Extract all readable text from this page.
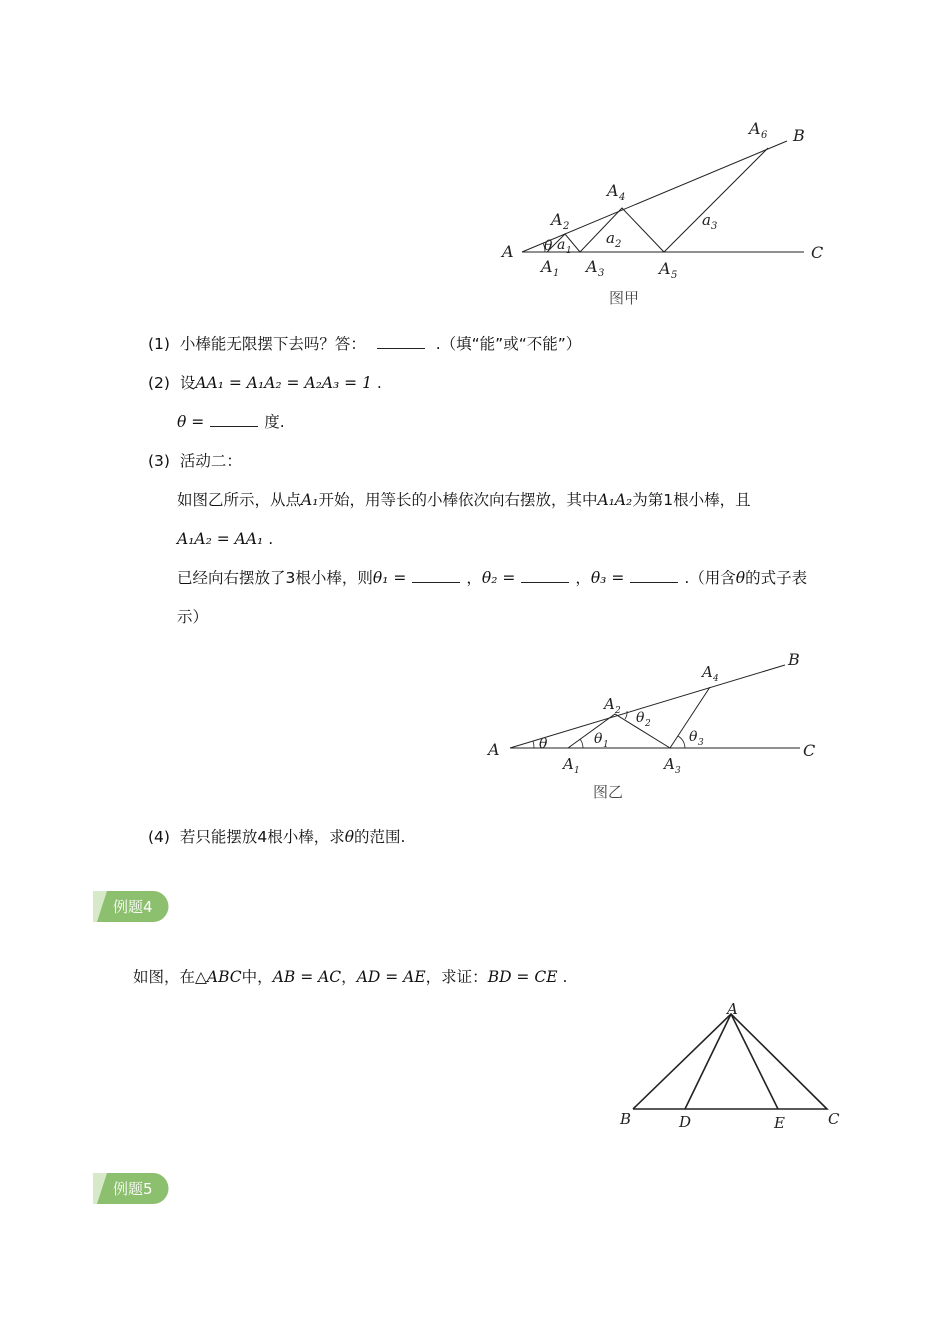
A
B
C
A 1
A 2
A 3
A 4
A 5
A 6
θ a 1
a 2
a 3
图甲
(1) 小棒能无限摆下去吗？答：	.（填“能”或“不能”）
(2) 设AA₁ = A₁A₂ = A₂A₃ = 1 .
θ =	度.
(3) 活动二：
如图乙所示，从点A₁开始，用等长的小棒依次向右摆放，其中A₁A₂为第1根小棒，且
A₁A₂ = AA₁ .
已经向右摆放了3根小棒，则θ₁ =	，θ₂ =	，θ₃ =	.（用含θ的式子表
示）
A
B
C
A 1
A 2
A 3
A 4
θ	θ 1
θ 2
θ 3
图乙
(4) 若只能摆放4根小棒，求θ的范围.
例题4
如图，在△ABC中，AB = AC，AD = AE，求证：BD = CE .
A
B	C
D	E
例题5
